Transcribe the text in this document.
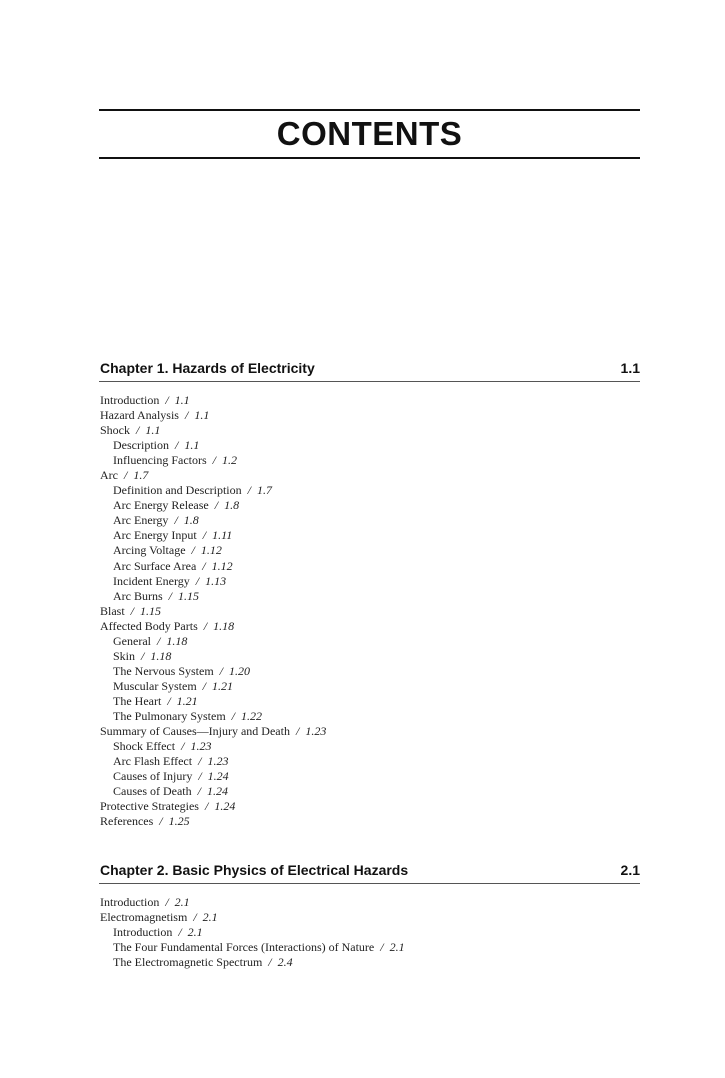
CONTENTS
Chapter 1. Hazards of Electricity	1.1
Introduction  /  1.1
Hazard Analysis  /  1.1
Shock  /  1.1
Description  /  1.1
Influencing Factors  /  1.2
Arc  /  1.7
Definition and Description  /  1.7
Arc Energy Release  /  1.8
Arc Energy  /  1.8
Arc Energy Input  /  1.11
Arcing Voltage  /  1.12
Arc Surface Area  /  1.12
Incident Energy  /  1.13
Arc Burns  /  1.15
Blast  /  1.15
Affected Body Parts  /  1.18
General  /  1.18
Skin  /  1.18
The Nervous System  /  1.20
Muscular System  /  1.21
The Heart  /  1.21
The Pulmonary System  /  1.22
Summary of Causes—Injury and Death  /  1.23
Shock Effect  /  1.23
Arc Flash Effect  /  1.23
Causes of Injury  /  1.24
Causes of Death  /  1.24
Protective Strategies  /  1.24
References  /  1.25
Chapter 2. Basic Physics of Electrical Hazards	2.1
Introduction  /  2.1
Electromagnetism  /  2.1
Introduction  /  2.1
The Four Fundamental Forces (Interactions) of Nature  /  2.1
The Electromagnetic Spectrum  /  2.4
